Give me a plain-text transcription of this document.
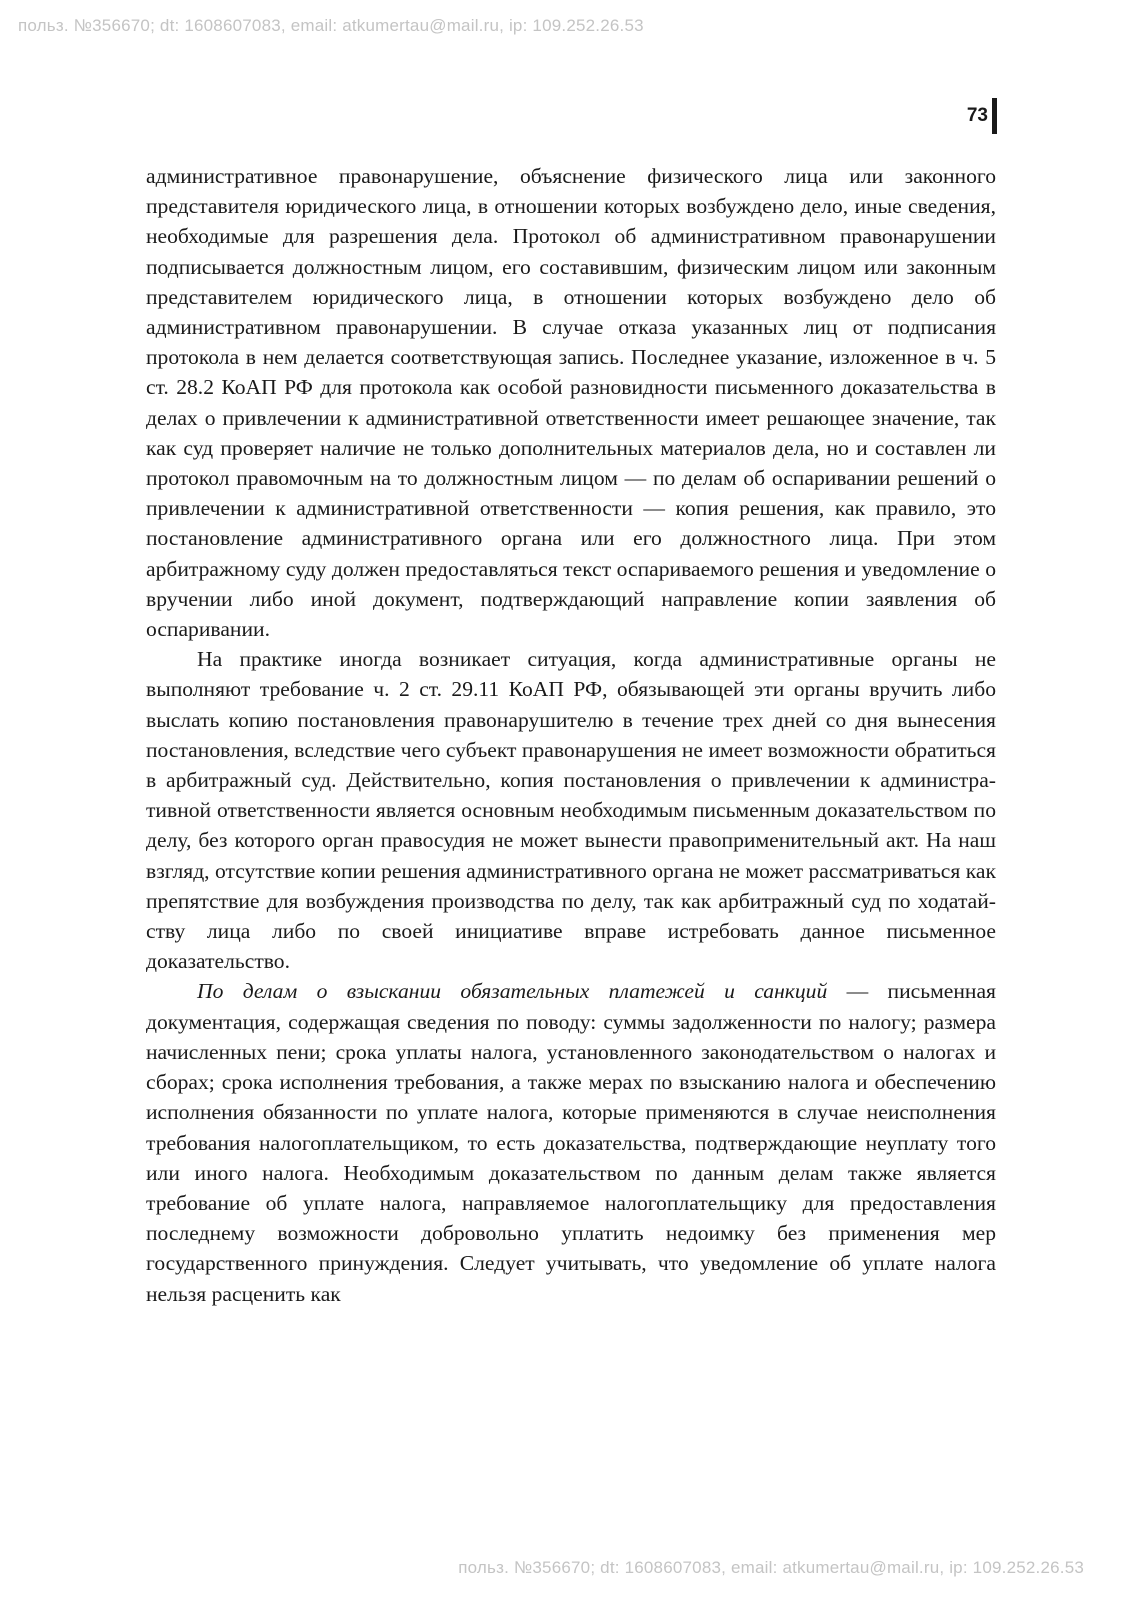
польз. №356670; dt: 1608607083, email: atkumertau@mail.ru, ip: 109.252.26.53
73

административное правонарушение, объяснение физического лица или законного представителя юридического лица, в отношении которых возбуждено дело, иные сведения, необходимые для разрешения дела. Протокол об административном правонарушении подписывается должностным лицом, его составившим, физическим лицом или законным представителем юридического лица, в отношении которых возбуждено дело об административном правонарушении. В случае отказа указанных лиц от подписания протокола в нем делается соответствующая запись. Последнее указание, изложенное в ч. 5 ст. 28.2 КоАП РФ для протокола как особой разновидности письменного доказательства в делах о привлечении к административной ответственности имеет решающее значение, так как суд проверяет наличие не только дополнительных материалов дела, но и составлен ли протокол правомочным на то должностным лицом — по делам об оспаривании решений о привлечении к административной ответственности — копия решения, как правило, это постановление административного органа или его должностного лица. При этом арбитражному суду должен предоставляться текст оспариваемого решения и уведомление о вручении либо иной документ, подтверждающий направление копии заявления об оспаривании.

На практике иногда возникает ситуация, когда административные органы не выполняют требование ч. 2 ст. 29.11 КоАП РФ, обязывающей эти органы вручить либо выслать копию постановления правонарушителю в течение трех дней со дня вынесения постановления, вследствие чего субъект правонарушения не имеет возможности обратиться в арбитражный суд. Действительно, копия постановления о привлечении к административной ответственности является основным необходимым письменным доказательством по делу, без которого орган правосудия не может вынести правоприменительный акт. На наш взгляд, отсутствие копии решения административного органа не может рассматриваться как препятствие для возбуждения производства по делу, так как арбитражный суд по ходатайству лица либо по своей инициативе вправе истребовать данное письменное доказательство.

По делам о взыскании обязательных платежей и санкций — письменная документация, содержащая сведения по поводу: суммы задолженности по налогу; размера начисленных пени; срока уплаты налога, установленного законодательством о налогах и сборах; срока исполнения требования, а также мерах по взысканию налога и обеспечению исполнения обязанности по уплате налога, которые применяются в случае неисполнения требования налогоплательщиком, то есть доказательства, подтверждающие неуплату того или иного налога. Необходимым доказательством по данным делам также является требование об уплате налога, направляемое налогоплательщику для предоставления последнему возможности добровольно уплатить недоимку без применения мер государственного принуждения. Следует учитывать, что уведомление об уплате налога нельзя расценить как

польз. №356670; dt: 1608607083, email: atkumertau@mail.ru, ip: 109.252.26.53
